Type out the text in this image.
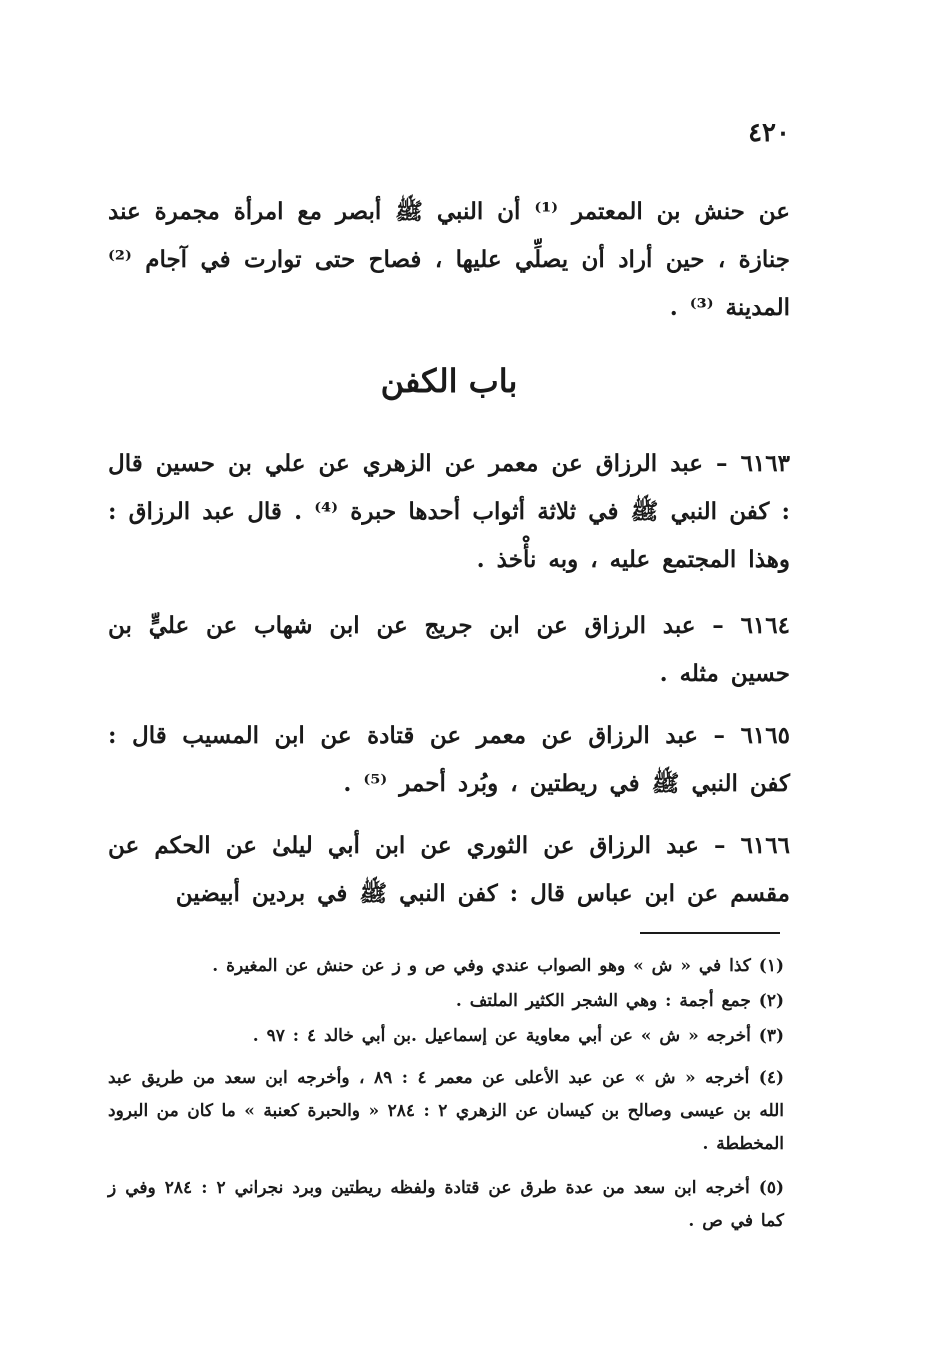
٤٢٠
عن حنش بن المعتمر ⁽¹⁾ أن النبي ﷺ أبصر مع امرأة مجمرة عند جنازة ، حين أراد أن يصلِّي عليها ، فصاح حتى توارت في آجام ⁽²⁾ المدينة ⁽³⁾ .
باب الكفن
٦١٦٣ – عبد الرزاق عن معمر عن الزهري عن علي بن حسين قال : كفن النبي ﷺ في ثلاثة أثواب أحدها حبرة ⁽⁴⁾ . قال عبد الرزاق : وهذا المجتمع عليه ، وبه نأْخذ .
٦١٦٤ – عبد الرزاق عن ابن جريج عن ابن شهاب عن عليٍّ بن حسين مثله .
٦١٦٥ – عبد الرزاق عن معمر عن قتادة عن ابن المسيب قال : كفن النبي ﷺ في ريطتين ، وبُرد أحمر ⁽⁵⁾ .
٦١٦٦ – عبد الرزاق عن الثوري عن ابن أبي ليلىٰ عن الحكم عن مقسم عن ابن عباس قال : كفن النبي ﷺ في بردين أبيضين
(١) كذا في « ش » وهو الصواب عندي وفي ص و ز عن حنش عن المغيرة .
(٢) جمع أجمة : وهي الشجر الكثير الملتف .
(٣) أخرجه « ش » عن أبي معاوية عن إسماعيل .بن أبي خالد ٤ : ٩٧ .
(٤) أخرجه « ش » عن عبد الأعلى عن معمر ٤ : ٨٩ ، وأخرجه ابن سعد من طريق عبد الله بن عيسى وصالح بن كيسان عن الزهري ٢ : ٢٨٤ « والحبرة كعنبة » ما كان من البرود المخططة .
(٥) أخرجه ابن سعد من عدة طرق عن قتادة ولفظه ريطتين وبرد نجراني ٢ : ٢٨٤ وفي ز كما في ص .
